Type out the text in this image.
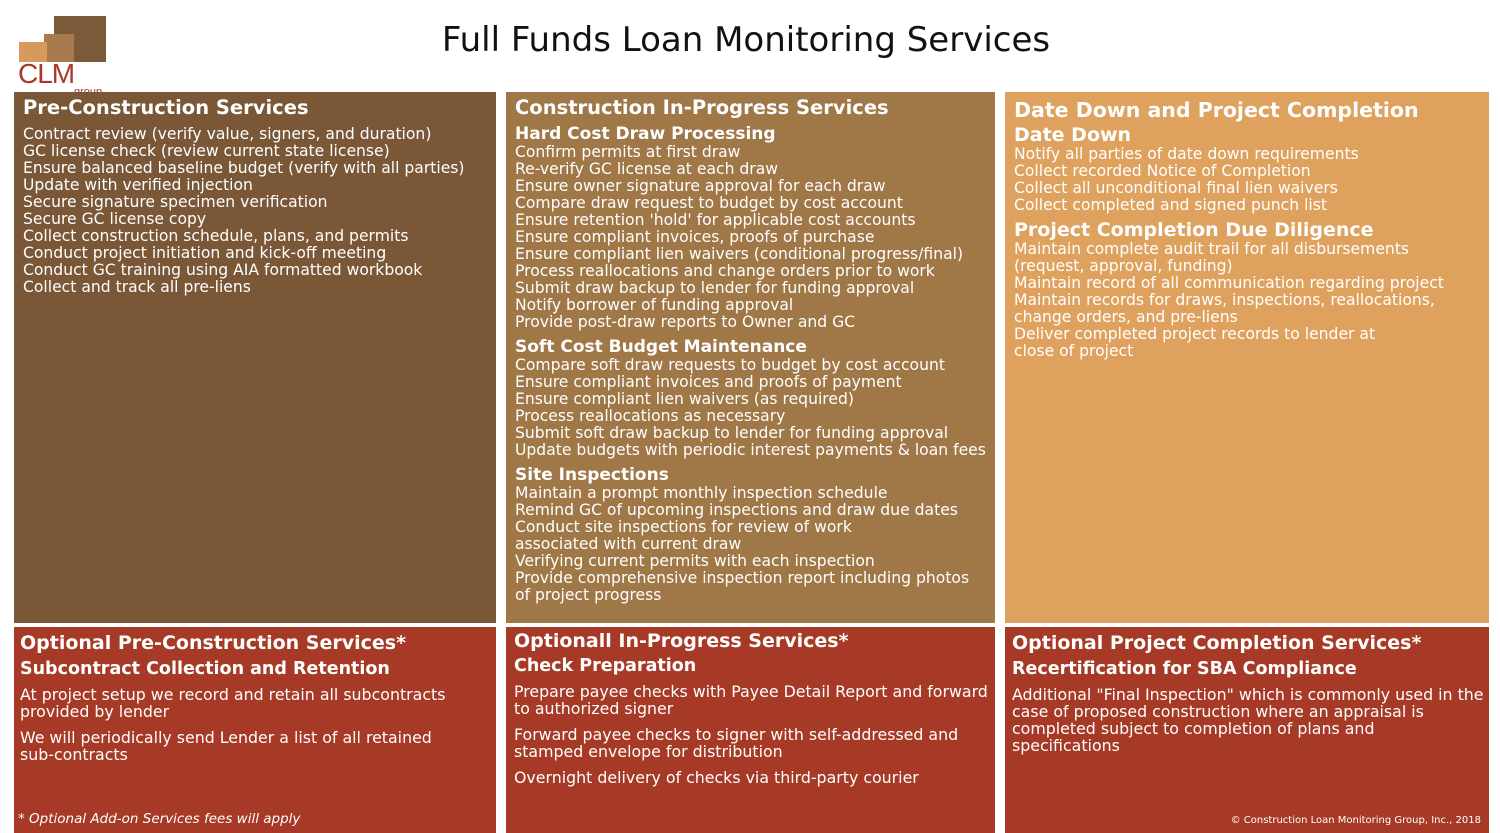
CLM
Full Funds Loan Monitoring Services
Pre-Construction Services
Contract review (verify value, signers, and duration)
GC license check (review current state license)
Ensure balanced baseline budget (verify with all parties)
Update with verified injection
Secure signature specimen verification
Secure GC license copy
Collect construction schedule, plans, and permits
Conduct project initiation and kick-off meeting
Conduct GC training using AIA formatted workbook
Collect and track all pre-liens
Construction In-Progress Services
Hard Cost Draw Processing
Confirm permits at first draw
Re-verify GC license at each draw
Ensure owner signature approval for each draw
Compare draw request to budget by cost account
Ensure retention 'hold' for applicable cost accounts
Ensure compliant invoices, proofs of purchase
Ensure compliant lien waivers (conditional progress/final)
Process reallocations and change orders prior to work
Submit draw backup to lender for funding approval
Notify borrower of funding approval
Provide post-draw reports to Owner and GC
Soft Cost Budget Maintenance
Compare soft draw requests to budget by cost account
Ensure compliant invoices and proofs of payment
Ensure compliant lien waivers (as required)
Process reallocations as necessary
Submit soft draw backup to lender for funding approval
Update budgets with periodic interest payments & loan fees
Site Inspections
Maintain a prompt monthly inspection schedule
Remind GC of upcoming inspections and draw due dates
Conduct site inspections for review of work
associated with current draw
Verifying current permits with each inspection
Provide comprehensive inspection report including photos
of project progress
Date Down and Project Completion
Date Down
Notify all parties of date down requirements
Collect recorded Notice of Completion
Collect all unconditional final lien waivers
Collect completed and signed punch list
Project Completion Due Diligence
Maintain complete audit trail for all disbursements
(request, approval, funding)
Maintain record of all communication regarding project
Maintain records for draws, inspections, reallocations,
change orders, and pre-liens
Deliver completed project records to lender at
close of project
Optional Pre-Construction Services*
Subcontract Collection and Retention

At project setup we record and retain all subcontracts provided by lender

We will periodically send Lender a list of all retained sub-contracts

* Optional Add-on Services fees will apply
Optionall In-Progress Services*
Check Preparation

Prepare payee checks with Payee Detail Report and forward to authorized signer

Forward payee checks to signer with self-addressed and stamped envelope for distribution

Overnight delivery of checks via third-party courier

Optional Project Completion Services*
Recertification for SBA Compliance

Additional "Final Inspection" which is commonly used in the case of proposed construction where an appraisal is completed subject to completion of plans and specifications

© Construction Loan Monitoring Group, Inc., 2018
